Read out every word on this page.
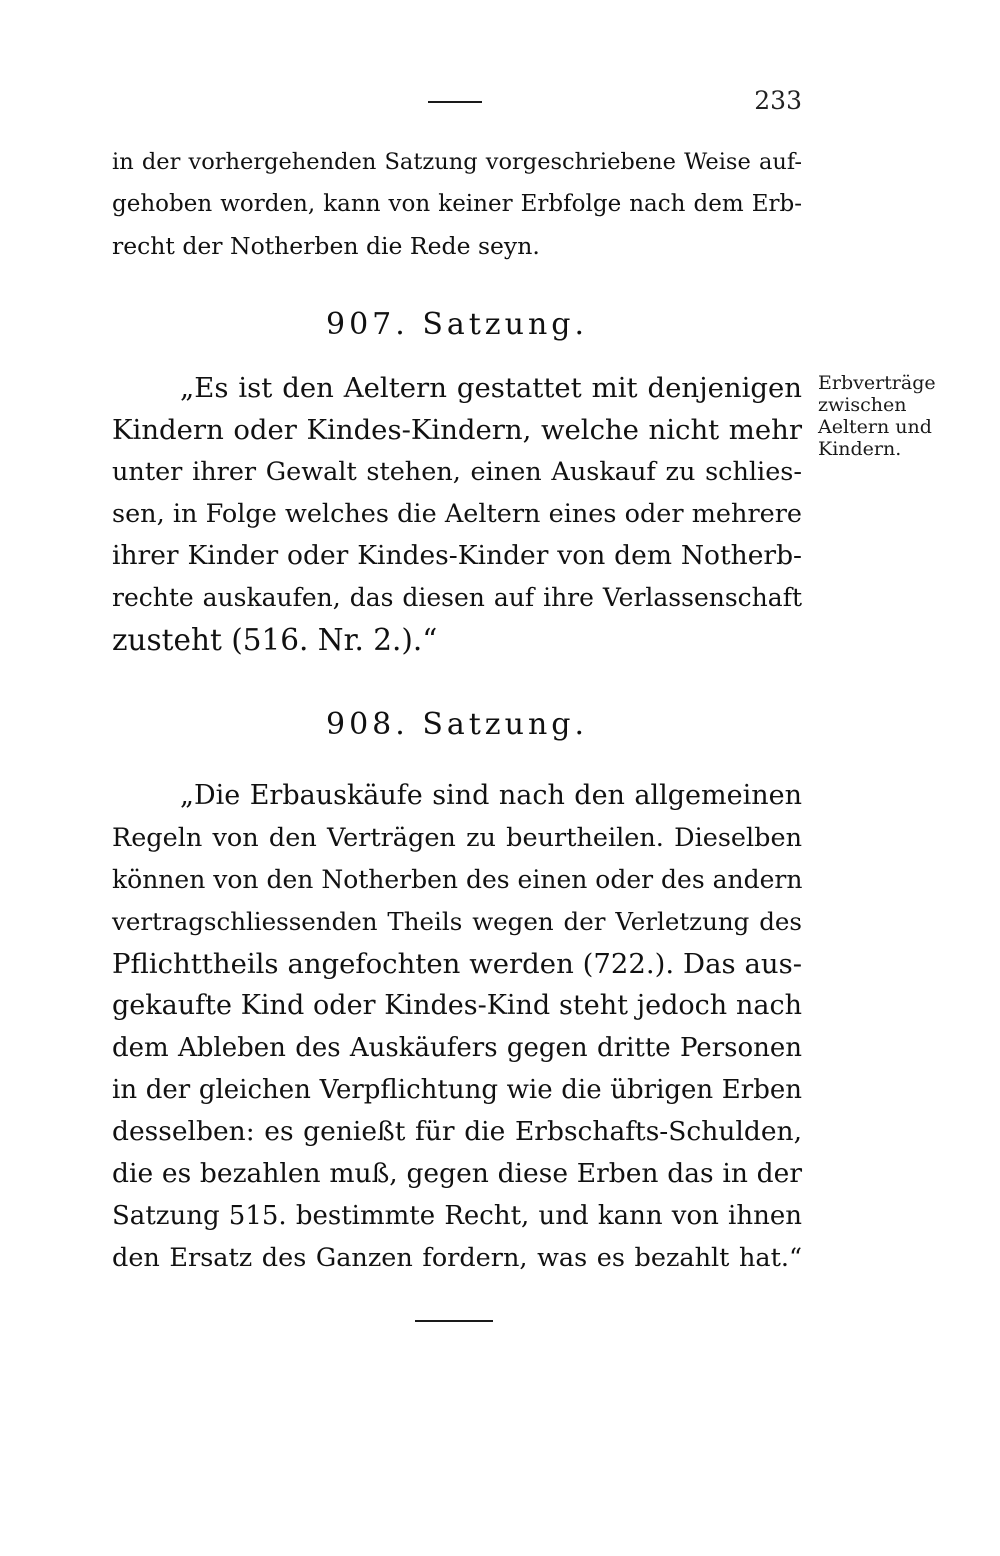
233
in der vorhergehenden Satzung vorgeschriebene Weise auf-
gehoben worden, kann von keiner Erbfolge nach dem Erb-
recht der Notherben die Rede seyn.
907. Satzung.
„Es ist den Aeltern gestattet mit denjenigen
Kindern oder Kindes-Kindern, welche nicht mehr
unter ihrer Gewalt stehen, einen Auskauf zu schlies-
sen, in Folge welches die Aeltern eines oder mehrere
ihrer Kinder oder Kindes-Kinder von dem Notherb-
rechte auskaufen, das diesen auf ihre Verlassenschaft
zusteht (516. Nr. 2.).“
Erbverträge
zwischen
Aeltern und
Kindern.
908. Satzung.
„Die Erbauskäufe sind nach den allgemeinen
Regeln von den Verträgen zu beurtheilen. Dieselben
können von den Notherben des einen oder des andern
vertragschliessenden Theils wegen der Verletzung des
Pflichttheils angefochten werden (722.). Das aus-
gekaufte Kind oder Kindes-Kind steht jedoch nach
dem Ableben des Auskäufers gegen dritte Personen
in der gleichen Verpflichtung wie die übrigen Erben
desselben: es genießt für die Erbschafts-Schulden,
die es bezahlen muß, gegen diese Erben das in der
Satzung 515. bestimmte Recht, und kann von ihnen
den Ersatz des Ganzen fordern, was es bezahlt hat.“
